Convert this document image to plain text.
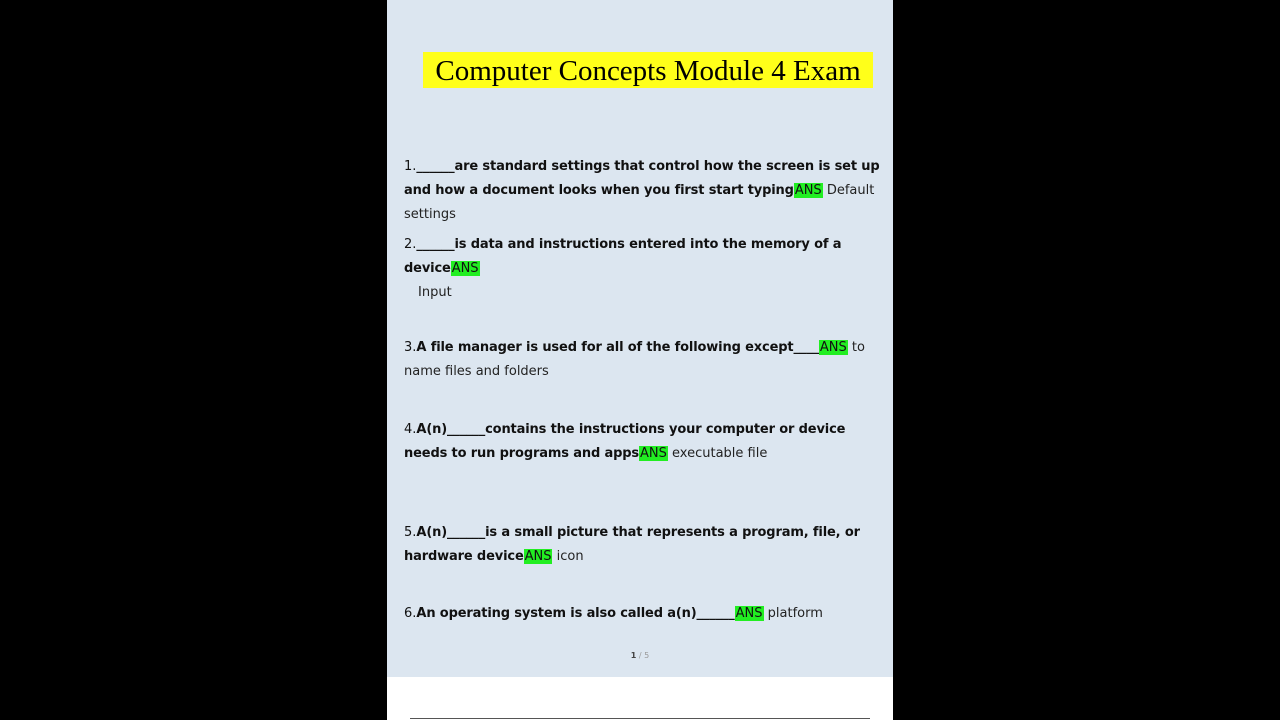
Computer Concepts Module 4 Exam
1.______are standard settings that control how the screen is set up and how a document looks when you first start typingANS Default settings
2.______is data and instructions entered into the memory of a deviceANS
Input
3.A file manager is used for all of the following except____ANS to name files and folders
4.A(n)______contains the instructions your computer or device needs to run programs and appsANS executable file
5.A(n)______is a small picture that represents a program, file, or hardware deviceANS icon
6.An operating system is also called a(n)______ANS platform
1 / 5
